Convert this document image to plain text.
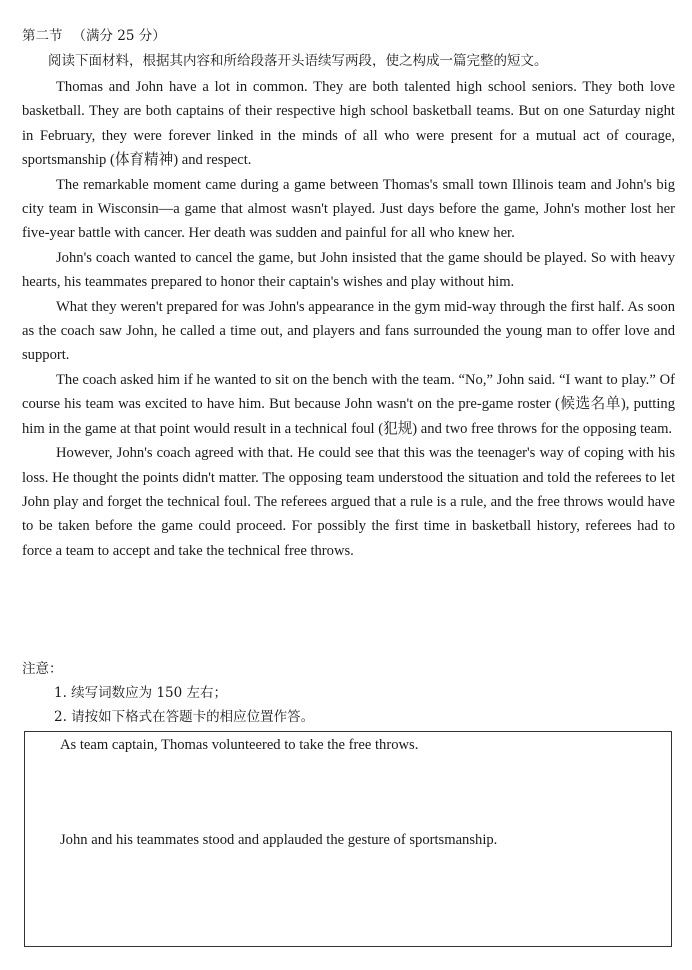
第二节 （满分 25 分）
阅读下面材料，根据其内容和所给段落开头语续写两段，使之构成一篇完整的短文。

Thomas and John have a lot in common. They are both talented high school seniors. They both love basketball. They are both captains of their respective high school basketball teams. But on one Saturday night in February, they were forever linked in the minds of all who were present for a mutual act of courage, sportsmanship (体育精神) and respect.

The remarkable moment came during a game between Thomas's small town Illinois team and John's big city team in Wisconsin—a game that almost wasn't played. Just days before the game, John's mother lost her five-year battle with cancer. Her death was sudden and painful for all who knew her.

John's coach wanted to cancel the game, but John insisted that the game should be played. So with heavy hearts, his teammates prepared to honor their captain's wishes and play without him.

What they weren't prepared for was John's appearance in the gym mid-way through the first half. As soon as the coach saw John, he called a time out, and players and fans surrounded the young man to offer love and support.

The coach asked him if he wanted to sit on the bench with the team. “No,” John said. “I want to play.” Of course his team was excited to have him. But because John wasn't on the pre-game roster (候选名单), putting him in the game at that point would result in a technical foul (犯规) and two free throws for the opposing team.

However, John's coach agreed with that. He could see that this was the teenager's way of coping with his loss. He thought the points didn't matter. The opposing team understood the situation and told the referees to let John play and forget the technical foul. The referees argued that a rule is a rule, and the free throws would have to be taken before the game could proceed. For possibly the first time in basketball history, referees had to force a team to accept and take the technical free throws.

注意：
1. 续写词数应为 150 左右；
2. 请按如下格式在答题卡的相应位置作答。
As team captain, Thomas volunteered to take the free throws.
John and his teammates stood and applauded the gesture of sportsmanship.
